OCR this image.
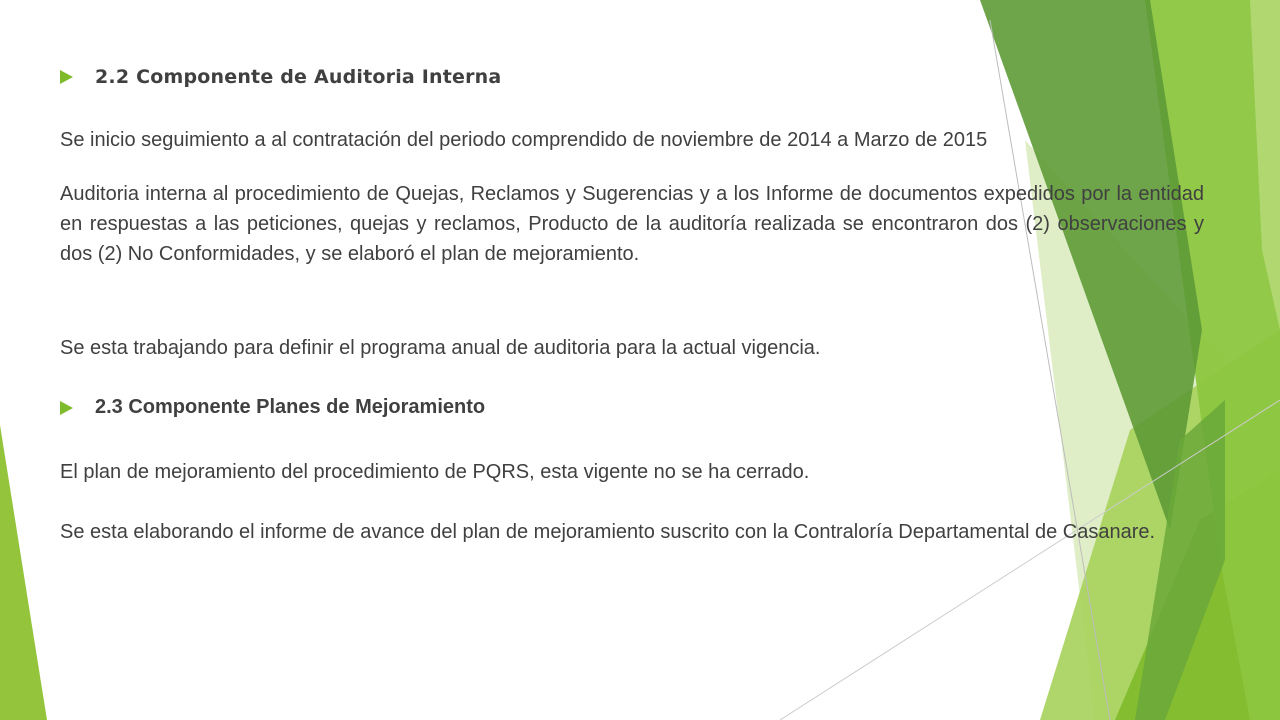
2.2 Componente de Auditoria Interna

Se inicio seguimiento a al contratación del periodo comprendido de noviembre de 2014 a Marzo de 2015

Auditoria interna al procedimiento de Quejas, Reclamos y Sugerencias y a los Informe de documentos expedidos por la entidad en respuestas a las peticiones, quejas y reclamos, Producto de la auditoría realizada se encontraron dos (2) observaciones y dos (2) No Conformidades, y se elaboró el plan de mejoramiento.

Se esta trabajando para definir el programa anual de auditoria para la actual vigencia.

2.3 Componente Planes de Mejoramiento

El plan de mejoramiento del procedimiento de PQRS, esta vigente no se ha cerrado.

Se esta elaborando el informe de avance del plan de mejoramiento suscrito con la Contraloría Departamental de Casanare.
